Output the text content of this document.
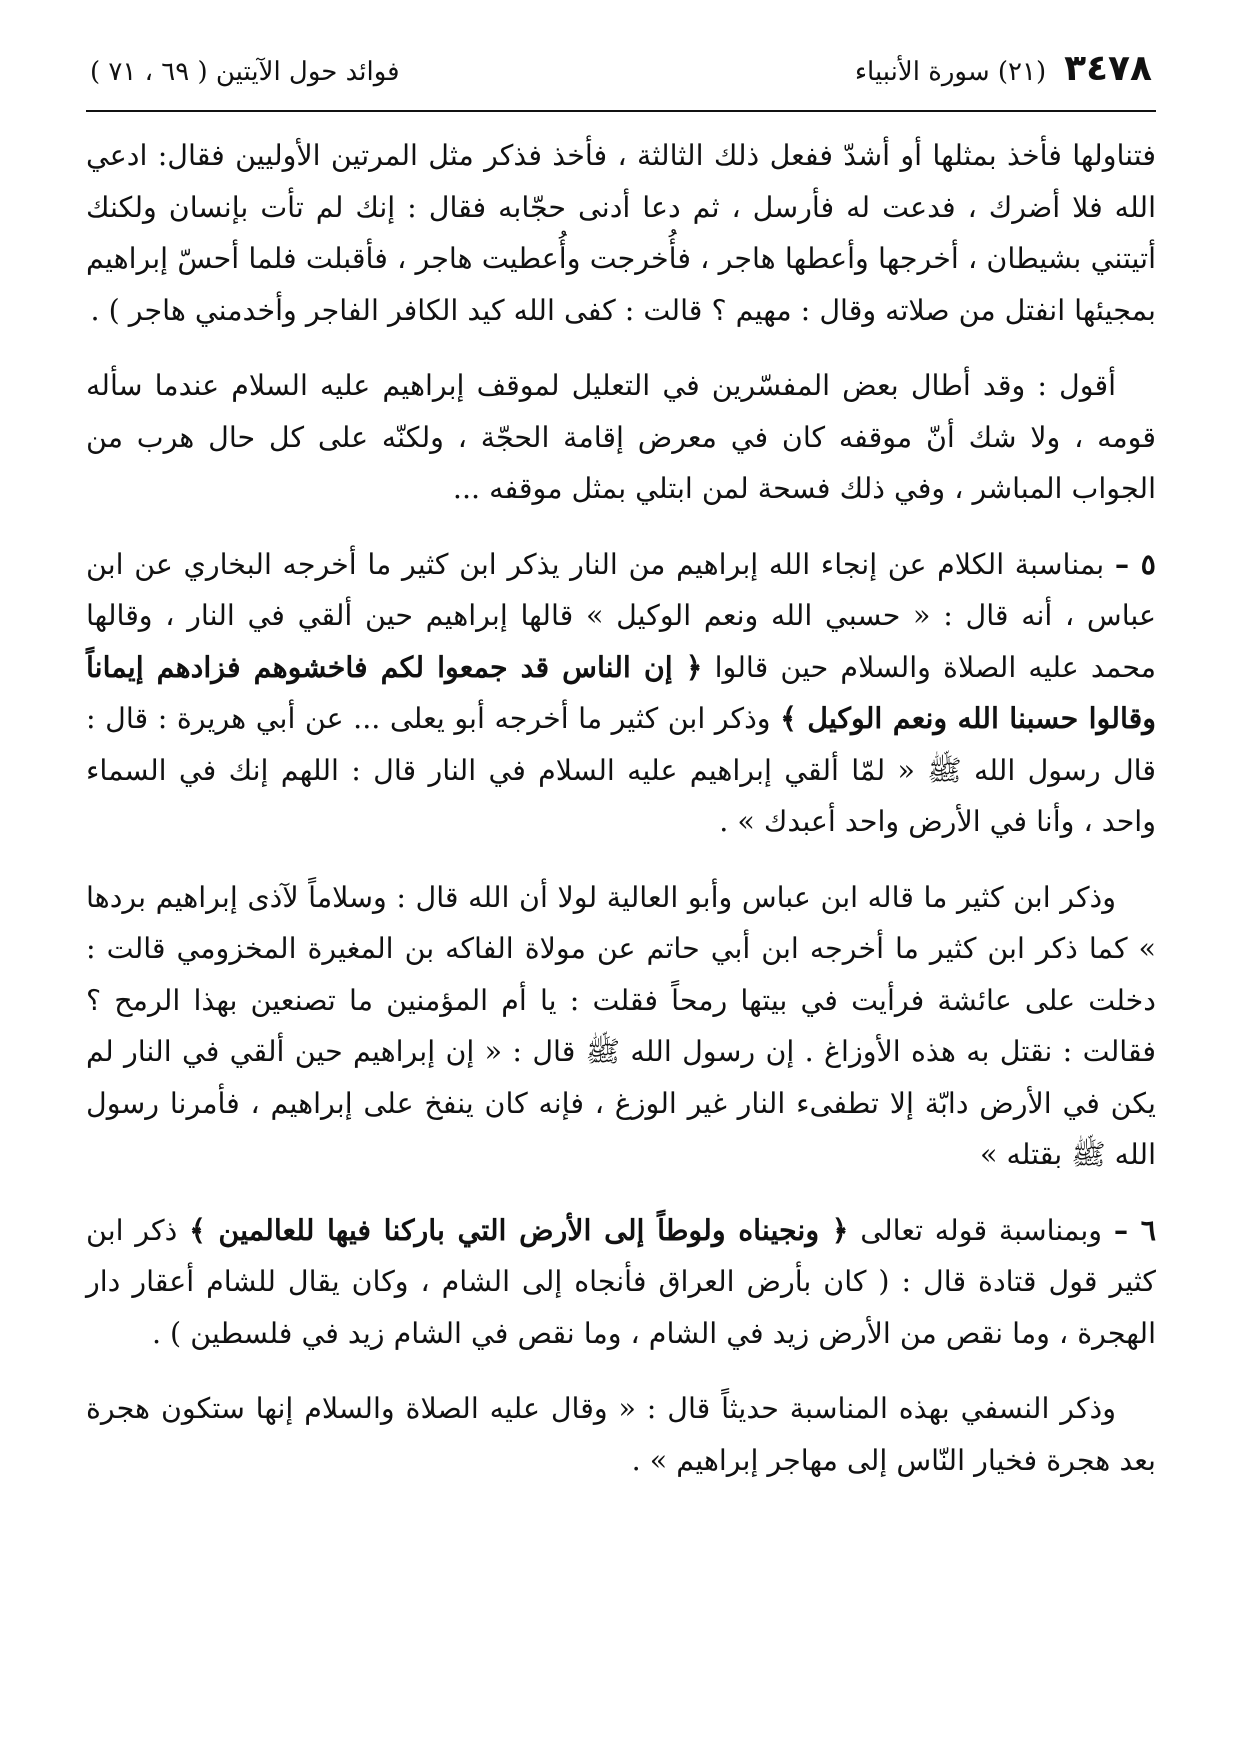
٣٤٧٨
(٢١) سورة الأنبياء
فوائد حول الآيتين ( ٦٩ ، ٧١ )

فتناولها فأخذ بمثلها أو أشدّ ففعل ذلك الثالثة ، فأخذ فذكر مثل المرتين الأوليين فقال: ادعي الله فلا أضرك ، فدعت له فأرسل ، ثم دعا أدنى حجّابه فقال : إنك لم تأت بإنسان ولكنك أتيتني بشيطان ، أخرجها وأعطها هاجر ، فأُخرجت وأُعطيت هاجر ، فأقبلت فلما أحسّ إبراهيم بمجيئها انفتل من صلاته وقال : مهيم ؟ قالت : كفى الله كيد الكافر الفاجر وأخدمني هاجر ) .

أقول : وقد أطال بعض المفسّرين في التعليل لموقف إبراهيم عليه السلام عندما سأله قومه ، ولا شك أنّ موقفه كان في معرض إقامة الحجّة ، ولكنّه على كل حال هرب من الجواب المباشر ، وفي ذلك فسحة لمن ابتلي بمثل موقفه ...

٥ – بمناسبة الكلام عن إنجاء الله إبراهيم من النار يذكر ابن كثير ما أخرجه البخاري عن ابن عباس ، أنه قال : « حسبي الله ونعم الوكيل » قالها إبراهيم حين ألقي في النار ، وقالها محمد عليه الصلاة والسلام حين قالوا ﴿ إن الناس قد جمعوا لكم فاخشوهم فزادهم إيماناً وقالوا حسبنا الله ونعم الوكيل ﴾ وذكر ابن كثير ما أخرجه أبو يعلى ... عن أبي هريرة : قال : قال رسول الله ﷺ « لمّا ألقي إبراهيم عليه السلام في النار قال : اللهم إنك في السماء واحد ، وأنا في الأرض واحد أعبدك » .

وذكر ابن كثير ما قاله ابن عباس وأبو العالية لولا أن الله قال : وسلاماً لآذى إبراهيم بردها » كما ذكر ابن كثير ما أخرجه ابن أبي حاتم عن مولاة الفاكه بن المغيرة المخزومي قالت : دخلت على عائشة فرأيت في بيتها رمحاً فقلت : يا أم المؤمنين ما تصنعين بهذا الرمح ؟ فقالت : نقتل به هذه الأوزاغ . إن رسول الله ﷺ قال : « إن إبراهيم حين ألقي في النار لم يكن في الأرض دابّة إلا تطفىء النار غير الوزغ ، فإنه كان ينفخ على إبراهيم ، فأمرنا رسول الله ﷺ بقتله »

٦ – وبمناسبة قوله تعالى ﴿ ونجيناه ولوطاً إلى الأرض التي باركنا فيها للعالمين ﴾ ذكر ابن كثير قول قتادة قال : ( كان بأرض العراق فأنجاه إلى الشام ، وكان يقال للشام أعقار دار الهجرة ، وما نقص من الأرض زيد في الشام ، وما نقص في الشام زيد في فلسطين ) .

وذكر النسفي بهذه المناسبة حديثاً قال : « وقال عليه الصلاة والسلام إنها ستكون هجرة بعد هجرة فخيار النّاس إلى مهاجر إبراهيم » .
